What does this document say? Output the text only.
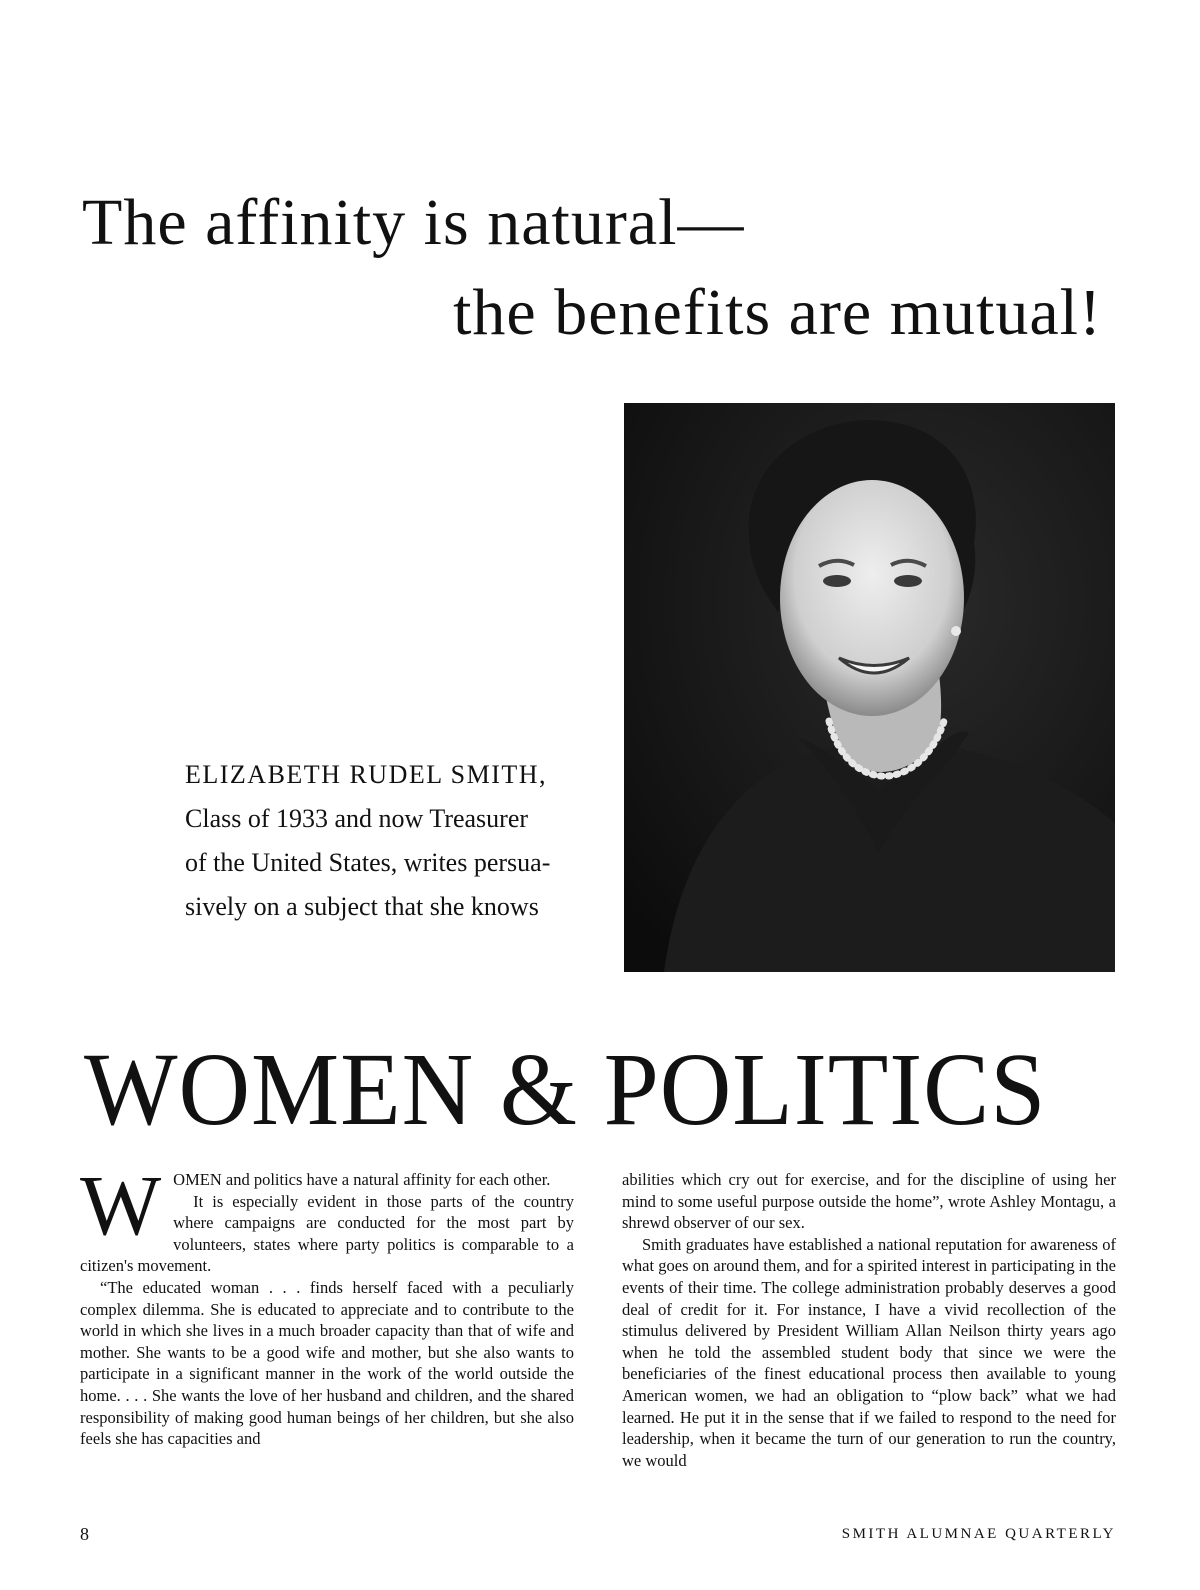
The affinity is natural—
the benefits are mutual!
ELIZABETH RUDEL SMITH,
Class of 1933 and now Treasurer
of the United States, writes persua-
sively on a subject that she knows
WOMEN & POLITICS
W OMEN and politics have a natural affinity for each other.

It is especially evident in those parts of the country where campaigns are conducted for the most part by volunteers, states where party politics is comparable to a citizen's movement.

“The educated woman . . . finds herself faced with a peculiarly complex dilemma. She is educated to appreciate and to contribute to the world in which she lives in a much broader capacity than that of wife and mother. She wants to be a good wife and mother, but she also wants to participate in a significant manner in the work of the world outside the home. . . . She wants the love of her husband and children, and the shared responsibility of making good human beings of her children, but she also feels she has capacities and

abilities which cry out for exercise, and for the discipline of using her mind to some useful purpose outside the home”, wrote Ashley Montagu, a shrewd observer of our sex.

Smith graduates have established a national reputation for awareness of what goes on around them, and for a spirited interest in participating in the events of their time. The college administration probably deserves a good deal of credit for it. For instance, I have a vivid recollection of the stimulus delivered by President William Allan Neilson thirty years ago when he told the assembled student body that since we were the beneficiaries of the finest educational process then available to young American women, we had an obligation to “plow back” what we had learned. He put it in the sense that if we failed to respond to the need for leadership, when it became the turn of our generation to run the country, we would

8	SMITH ALUMNAE QUARTERLY
